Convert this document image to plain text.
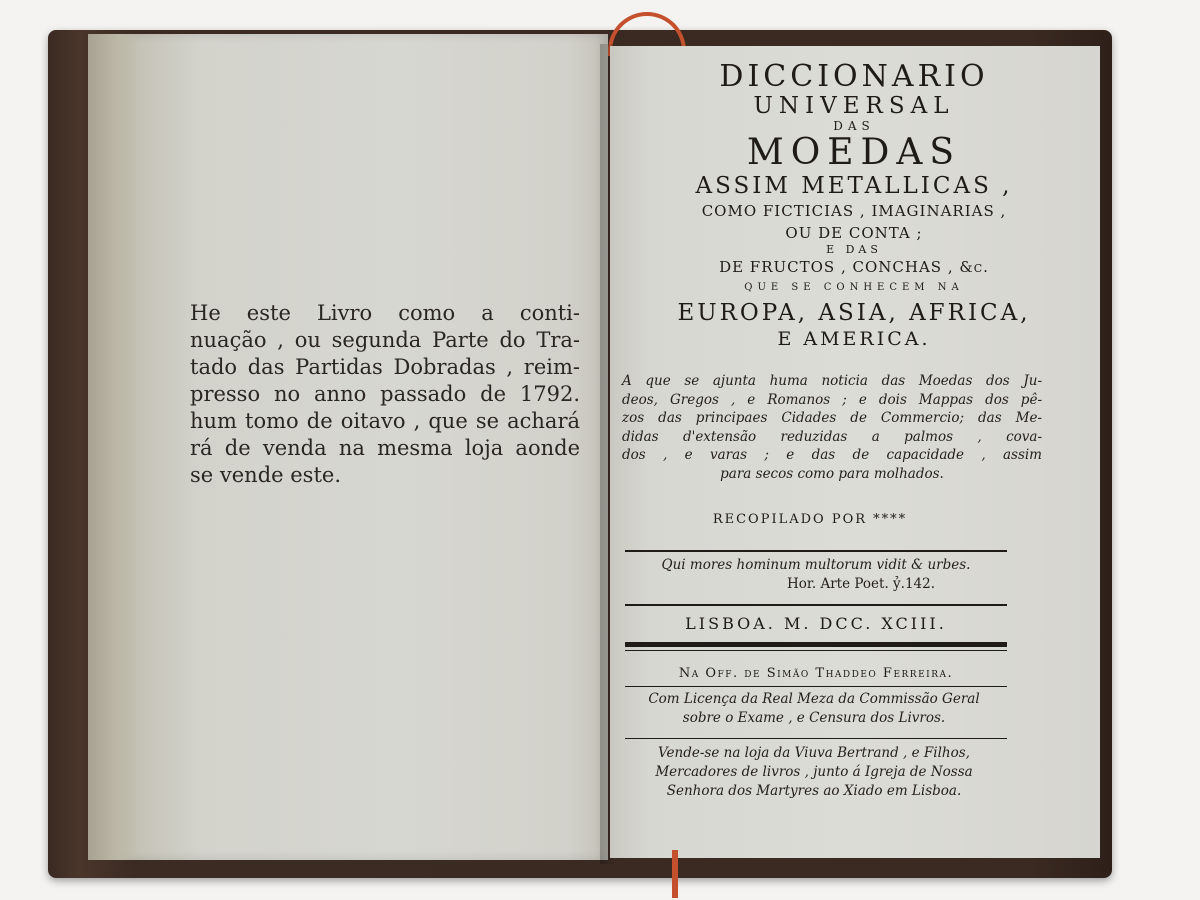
He este Livro como a conti-
nuação , ou segunda Parte do Tra-
tado das Partidas Dobradas , reim-
presso no anno passado de 1792.
hum tomo de oitavo , que se achará
rá de venda na mesma loja aonde
se vende este.
DICCIONARIO
UNIVERSAL
DAS
MOEDAS
ASSIM METALLICAS ,
COMO FICTICIAS , IMAGINARIAS ,
OU DE CONTA ;
E DAS
DE FRUCTOS , CONCHAS , &c.
QUE SE CONHECEM NA
EUROPA, ASIA, AFRICA,
E AMERICA.
A que se ajunta huma noticia das Moedas dos Ju-
deos, Gregos , e Romanos ; e dois Mappas dos pê-
zos das principaes Cidades de Commercio; das Me-
didas d'extensão reduzidas a palmos , cova-
dos , e varas ; e das de capacidade , assim
para secos como para molhados.
RECOPILADO POR ****
Qui mores hominum multorum vidit & urbes.
Hor. Arte Poet. ỷ.142.
LISBOA. M. DCC. XCIII.
Na Off. de Simão Thaddeo Ferreira.
Com Licença da Real Meza da Commissão Geral
sobre o Exame , e Censura dos Livros.
Vende-se na loja da Viuva Bertrand , e Filhos,
Mercadores de livros , junto á Igreja de Nossa
Senhora dos Martyres ao Xiado em Lisboa.
